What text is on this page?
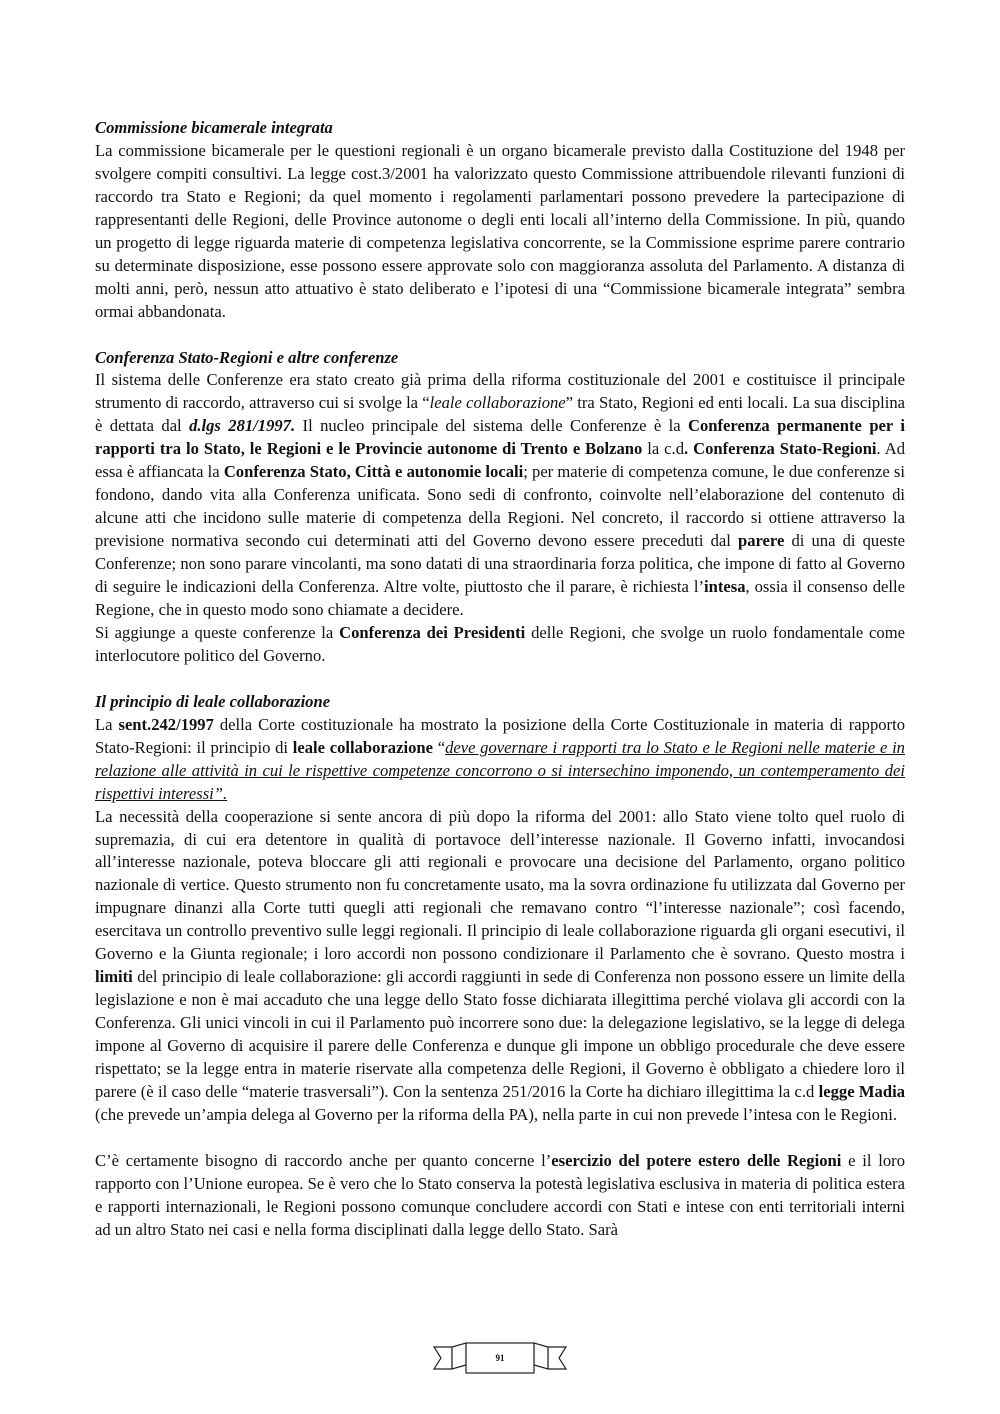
Commissione bicamerale integrata

La commissione bicamerale per le questioni regionali è un organo bicamerale previsto dalla Costituzione del 1948 per svolgere compiti consultivi. La legge cost.3/2001 ha valorizzato questo Commissione attribuendole rilevanti funzioni di raccordo tra Stato e Regioni; da quel momento i regolamenti parlamentari possono prevedere la partecipazione di rappresentanti delle Regioni, delle Province autonome o degli enti locali all’interno della Commissione. In più, quando un progetto di legge riguarda materie di competenza legislativa concorrente, se la Commissione esprime parere contrario su determinate disposizione, esse possono essere approvate solo con maggioranza assoluta del Parlamento. A distanza di molti anni, però, nessun atto attuativo è stato deliberato e l’ipotesi di una “Commissione bicamerale integrata” sembra ormai abbandonata.

Conferenza Stato-Regioni e altre conferenze

Il sistema delle Conferenze era stato creato già prima della riforma costituzionale del 2001 e costituisce il principale strumento di raccordo, attraverso cui si svolge la “leale collaborazione” tra Stato, Regioni ed enti locali. La sua disciplina è dettata dal d.lgs 281/1997. Il nucleo principale del sistema delle Conferenze è la Conferenza permanente per i rapporti tra lo Stato, le Regioni e le Provincie autonome di Trento e Bolzano la c.d. Conferenza Stato-Regioni. Ad essa è affiancata la Conferenza Stato, Città e autonomie locali; per materie di competenza comune, le due conferenze si fondono, dando vita alla Conferenza unificata. Sono sedi di confronto, coinvolte nell’elaborazione del contenuto di alcune atti che incidono sulle materie di competenza della Regioni. Nel concreto, il raccordo si ottiene attraverso la previsione normativa secondo cui determinati atti del Governo devono essere preceduti dal parere di una di queste Conferenze; non sono parare vincolanti, ma sono datati di una straordinaria forza politica, che impone di fatto al Governo di seguire le indicazioni della Conferenza. Altre volte, piuttosto che il parare, è richiesta l’intesa, ossia il consenso delle Regione, che in questo modo sono chiamate a decidere.

Si aggiunge a queste conferenze la Conferenza dei Presidenti delle Regioni, che svolge un ruolo fondamentale come interlocutore politico del Governo.

Il principio di leale collaborazione

La sent.242/1997 della Corte costituzionale ha mostrato la posizione della Corte Costituzionale in materia di rapporto Stato-Regioni: il principio di leale collaborazione “deve governare i rapporti tra lo Stato e le Regioni nelle materie e in relazione alle attività in cui le rispettive competenze concorrono o si intersechino imponendo, un contemperamento dei rispettivi interessi”.

La necessità della cooperazione si sente ancora di più dopo la riforma del 2001: allo Stato viene tolto quel ruolo di supremazia, di cui era detentore in qualità di portavoce dell’interesse nazionale. Il Governo infatti, invocandosi all’interesse nazionale, poteva bloccare gli atti regionali e provocare una decisione del Parlamento, organo politico nazionale di vertice. Questo strumento non fu concretamente usato, ma la sovra ordinazione fu utilizzata dal Governo per impugnare dinanzi alla Corte tutti quegli atti regionali che remavano contro “l’interesse nazionale”; così facendo, esercitava un controllo preventivo sulle leggi regionali. Il principio di leale collaborazione riguarda gli organi esecutivi, il Governo e la Giunta regionale; i loro accordi non possono condizionare il Parlamento che è sovrano. Questo mostra i limiti del principio di leale collaborazione: gli accordi raggiunti in sede di Conferenza non possono essere un limite della legislazione e non è mai accaduto che una legge dello Stato fosse dichiarata illegittima perché violava gli accordi con la Conferenza. Gli unici vincoli in cui il Parlamento può incorrere sono due: la delegazione legislativo, se la legge di delega impone al Governo di acquisire il parere delle Conferenza e dunque gli impone un obbligo procedurale che deve essere rispettato; se la legge entra in materie riservate alla competenza delle Regioni, il Governo è obbligato a chiedere loro il parere (è il caso delle “materie trasversali”). Con la sentenza 251/2016 la Corte ha dichiaro illegittima la c.d legge Madia (che prevede un’ampia delega al Governo per la riforma della PA), nella parte in cui non prevede l’intesa con le Regioni.

C’è certamente bisogno di raccordo anche per quanto concerne l’esercizio del potere estero delle Regioni e il loro rapporto con l’Unione europea. Se è vero che lo Stato conserva la potestà legislativa esclusiva in materia di politica estera e rapporti internazionali, le Regioni possono comunque concludere accordi con Stati e intese con enti territoriali interni ad un altro Stato nei casi e nella forma disciplinati dalla legge dello Stato. Sarà

91
